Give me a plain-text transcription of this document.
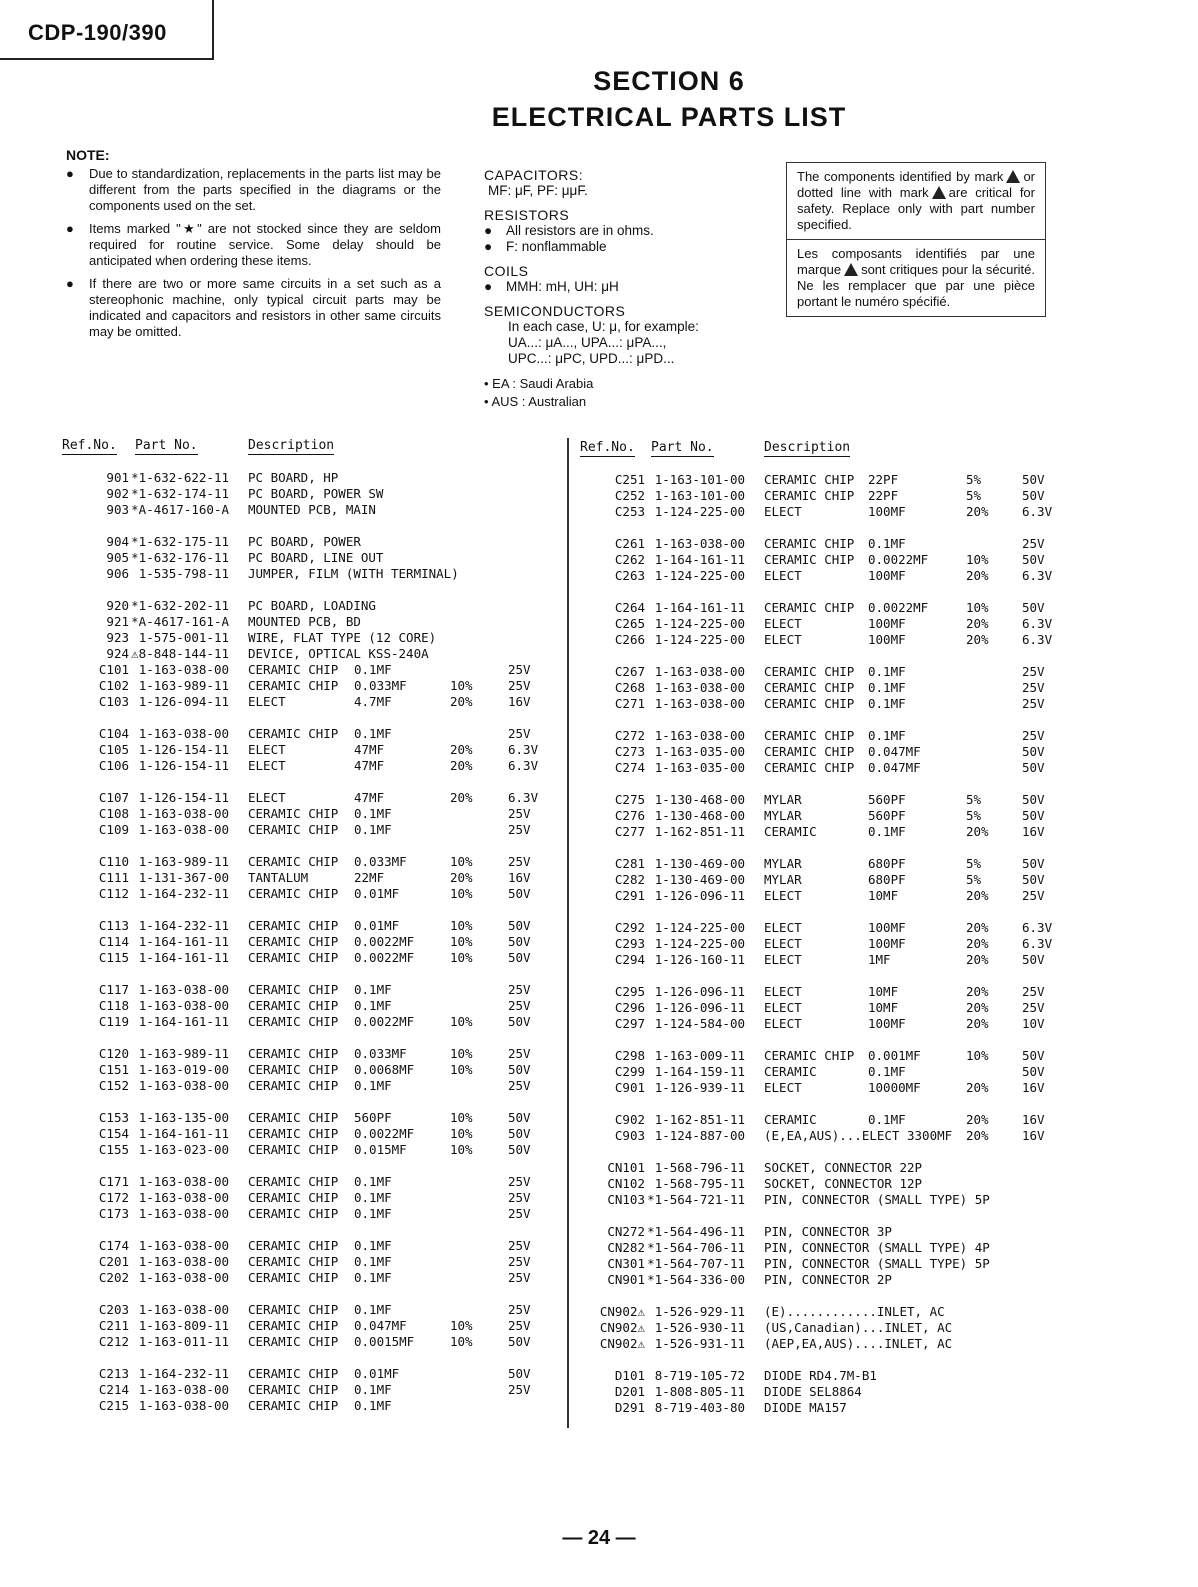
CDP-190/390
SECTION 6
ELECTRICAL PARTS LIST
NOTE:
● Due to standardization, replacements in the parts list may be different from the parts specified in the diagrams or the components used on the set.
● Items marked "★" are not stocked since they are seldom required for routine service. Some delay should be anticipated when ordering these items.
● If there are two or more same circuits in a set such as a stereophonic machine, only typical circuit parts may be indicated and capacitors and resistors in other same circuits may be omitted.
CAPACITORS:
MF: μF, PF: μμF.
RESISTORS
● All resistors are in ohms.
● F: nonflammable
COILS
● MMH: mH, UH: μH
SEMICONDUCTORS
In each case, U: μ, for example:
UA...: μA..., UPA...: μPA...,
UPC...: μPC, UPD...: μPD...
• EA : Saudi Arabia
• AUS : Australian
The components identified by mark or dotted line with mark are critical for safety. Replace only with part number specified.
Les composants identifiés par une marque sont critiques pour la sécurité. Ne les remplacer que par une pièce portant le numéro spécifié.
Ref.No. Part No.	Description
901 *1-632-622-11 PC BOARD, HP
902 *1-632-174-11 PC BOARD, POWER SW
903 *A-4617-160-A MOUNTED PCB, MAIN
904 *1-632-175-11 PC BOARD, POWER
905 *1-632-176-11 PC BOARD, LINE OUT
906 1-535-798-11 JUMPER, FILM (WITH TERMINAL)
920 *1-632-202-11 PC BOARD, LOADING
921 *A-4617-161-A MOUNTED PCB, BD
923 1-575-001-11 WIRE, FLAT TYPE (12 CORE)
924 ⚠8-848-144-11 DEVICE, OPTICAL KSS-240A
C101 1-163-038-00 CERAMIC CHIP 0.1MF	25V
C102 1-163-989-11 CERAMIC CHIP 0.033MF	10%	25V
C103 1-126-094-11 ELECT	4.7MF	20%	16V
C104 1-163-038-00 CERAMIC CHIP 0.1MF	25V
C105 1-126-154-11 ELECT	47MF	20%	6.3V
C106 1-126-154-11 ELECT	47MF	20%	6.3V
C107 1-126-154-11 ELECT	47MF	20%	6.3V
C108 1-163-038-00 CERAMIC CHIP 0.1MF	25V
C109 1-163-038-00 CERAMIC CHIP 0.1MF	25V
C110 1-163-989-11 CERAMIC CHIP 0.033MF	10%	25V
C111 1-131-367-00 TANTALUM	22MF	20%	16V
C112 1-164-232-11 CERAMIC CHIP 0.01MF	10%	50V
C113 1-164-232-11 CERAMIC CHIP 0.01MF	10%	50V
C114 1-164-161-11 CERAMIC CHIP 0.0022MF	10%	50V
C115 1-164-161-11 CERAMIC CHIP 0.0022MF	10%	50V
C117 1-163-038-00 CERAMIC CHIP 0.1MF	25V
C118 1-163-038-00 CERAMIC CHIP 0.1MF	25V
C119 1-164-161-11 CERAMIC CHIP 0.0022MF	10%	50V
C120 1-163-989-11 CERAMIC CHIP 0.033MF	10%	25V
C151 1-163-019-00 CERAMIC CHIP 0.0068MF	10%	50V
C152 1-163-038-00 CERAMIC CHIP 0.1MF	25V
C153 1-163-135-00 CERAMIC CHIP 560PF	10%	50V
C154 1-164-161-11 CERAMIC CHIP 0.0022MF	10%	50V
C155 1-163-023-00 CERAMIC CHIP 0.015MF	10%	50V
C171 1-163-038-00 CERAMIC CHIP 0.1MF	25V
C172 1-163-038-00 CERAMIC CHIP 0.1MF	25V
C173 1-163-038-00 CERAMIC CHIP 0.1MF	25V
C174 1-163-038-00 CERAMIC CHIP 0.1MF	25V
C201 1-163-038-00 CERAMIC CHIP 0.1MF	25V
C202 1-163-038-00 CERAMIC CHIP 0.1MF	25V
C203 1-163-038-00 CERAMIC CHIP 0.1MF	25V
C211 1-163-809-11 CERAMIC CHIP 0.047MF	10%	25V
C212 1-163-011-11 CERAMIC CHIP 0.0015MF	10%	50V
C213 1-164-232-11 CERAMIC CHIP 0.01MF	50V
C214 1-163-038-00 CERAMIC CHIP 0.1MF	25V
C215 1-163-038-00 CERAMIC CHIP 0.1MF
Ref.No. Part No.	Description
C251 1-163-101-00 CERAMIC CHIP 22PF	5%	50V
C252 1-163-101-00 CERAMIC CHIP 22PF	5%	50V
C253 1-124-225-00 ELECT	100MF	20%	6.3V
C261 1-163-038-00 CERAMIC CHIP 0.1MF	25V
C262 1-164-161-11 CERAMIC CHIP 0.0022MF	10%	50V
C263 1-124-225-00 ELECT	100MF	20%	6.3V
C264 1-164-161-11 CERAMIC CHIP 0.0022MF	10%	50V
C265 1-124-225-00 ELECT	100MF	20%	6.3V
C266 1-124-225-00 ELECT	100MF	20%	6.3V
C267 1-163-038-00 CERAMIC CHIP 0.1MF	25V
C268 1-163-038-00 CERAMIC CHIP 0.1MF	25V
C271 1-163-038-00 CERAMIC CHIP 0.1MF	25V
C272 1-163-038-00 CERAMIC CHIP 0.1MF	25V
C273 1-163-035-00 CERAMIC CHIP 0.047MF	50V
C274 1-163-035-00 CERAMIC CHIP 0.047MF	50V
C275 1-130-468-00 MYLAR	560PF	5%	50V
C276 1-130-468-00 MYLAR	560PF	5%	50V
C277 1-162-851-11 CERAMIC	0.1MF	20%	16V
C281 1-130-469-00 MYLAR	680PF	5%	50V
C282 1-130-469-00 MYLAR	680PF	5%	50V
C291 1-126-096-11 ELECT	10MF	20%	25V
C292 1-124-225-00 ELECT	100MF	20%	6.3V
C293 1-124-225-00 ELECT	100MF	20%	6.3V
C294 1-126-160-11 ELECT	1MF	20%	50V
C295 1-126-096-11 ELECT	10MF	20%	25V
C296 1-126-096-11 ELECT	10MF	20%	25V
C297 1-124-584-00 ELECT	100MF	20%	10V
C298 1-163-009-11 CERAMIC CHIP 0.001MF	10%	50V
C299 1-164-159-11 CERAMIC	0.1MF	50V
C901 1-126-939-11 ELECT	10000MF	20%	16V
C902 1-162-851-11 CERAMIC	0.1MF	20%	16V
C903 1-124-887-00 (E,EA,AUS)...ELECT 3300MF 20%	16V
CN101 1-568-796-11 SOCKET, CONNECTOR 22P
CN102 1-568-795-11 SOCKET, CONNECTOR 12P
CN103 *1-564-721-11 PIN, CONNECTOR (SMALL TYPE) 5P
CN272 *1-564-496-11 PIN, CONNECTOR 3P
CN282 *1-564-706-11 PIN, CONNECTOR (SMALL TYPE) 4P
CN301 *1-564-707-11 PIN, CONNECTOR (SMALL TYPE) 5P
CN901 *1-564-336-00 PIN, CONNECTOR 2P
CN902⚠ 1-526-929-11 (E)............INLET, AC
CN902⚠ 1-526-930-11 (US,Canadian)...INLET, AC
CN902⚠ 1-526-931-11 (AEP,EA,AUS)....INLET, AC
D101 8-719-105-72 DIODE RD4.7M-B1
D201 1-808-805-11 DIODE SEL8864
D291 8-719-403-80 DIODE MA157
— 24 —
